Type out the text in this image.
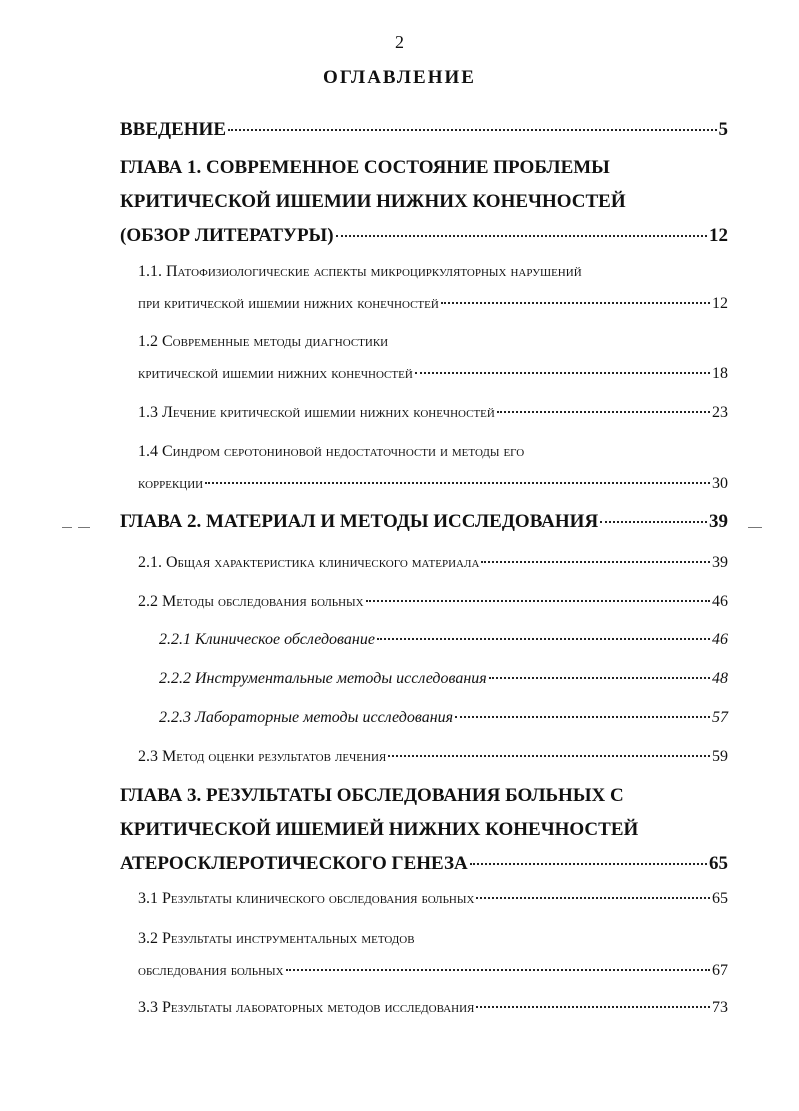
2
ОГЛАВЛЕНИЕ
ВВЕДЕНИЕ	5
ГЛАВА 1. СОВРЕМЕННОЕ СОСТОЯНИЕ ПРОБЛЕМЫ
КРИТИЧЕСКОЙ ИШЕМИИ НИЖНИХ КОНЕЧНОСТЕЙ
(ОБЗОР ЛИТЕРАТУРЫ)	12
1.1. Патофизиологические аспекты микроциркуляторных нарушений
при критической ишемии нижних конечностей	12
1.2 Современные методы диагностики
критической ишемии нижних конечностей	18
1.3 Лечение критической ишемии нижних конечностей	23
1.4 Синдром серотониновой недостаточности и методы его
коррекции	30
ГЛАВА 2. МАТЕРИАЛ И МЕТОДЫ ИССЛЕДОВАНИЯ	39
2.1. Общая характеристика клинического материала	39
2.2 Методы обследования больных	46
2.2.1 Клиническое обследование	46
2.2.2 Инструментальные методы исследования	48
2.2.3 Лабораторные методы исследования	57
2.3 Метод оценки результатов лечения	59
ГЛАВА 3. РЕЗУЛЬТАТЫ ОБСЛЕДОВАНИЯ БОЛЬНЫХ С
КРИТИЧЕСКОЙ ИШЕМИЕЙ НИЖНИХ КОНЕЧНОСТЕЙ
АТЕРОСКЛЕРОТИЧЕСКОГО ГЕНЕЗА	65
3.1 Результаты клинического обследования больных	65
3.2 Результаты инструментальных методов
обследования больных	67
3.3 Результаты лабораторных методов исследования	73
